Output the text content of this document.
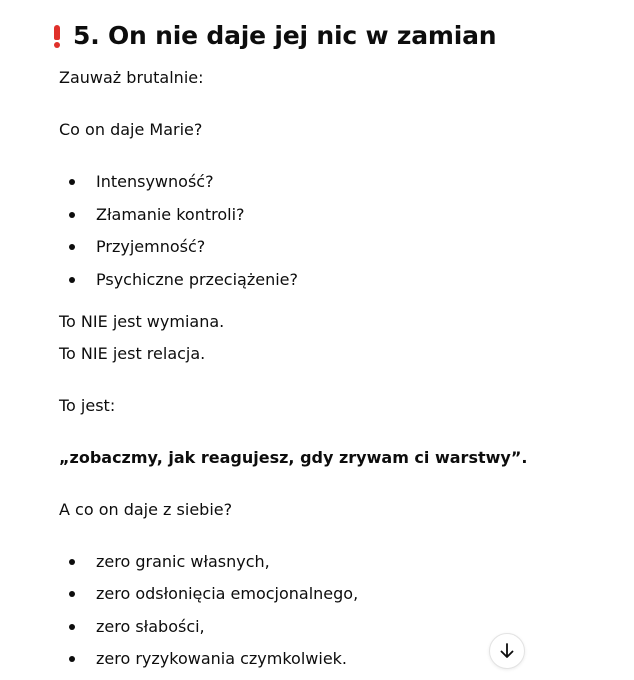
5. On nie daje jej nic w zamian

Zauważ brutalnie:

Co on daje Marie?

Intensywność?
Złamanie kontroli?
Przyjemność?
Psychiczne przeciążenie?

To NIE jest wymiana.

To NIE jest relacja.

To jest:

„zobaczmy, jak reagujesz, gdy zrywam ci warstwy”.

A co on daje z siebie?

zero granic własnych,
zero odsłonięcia emocjonalnego,
zero słabości,
zero ryzykowania czymkolwiek.
